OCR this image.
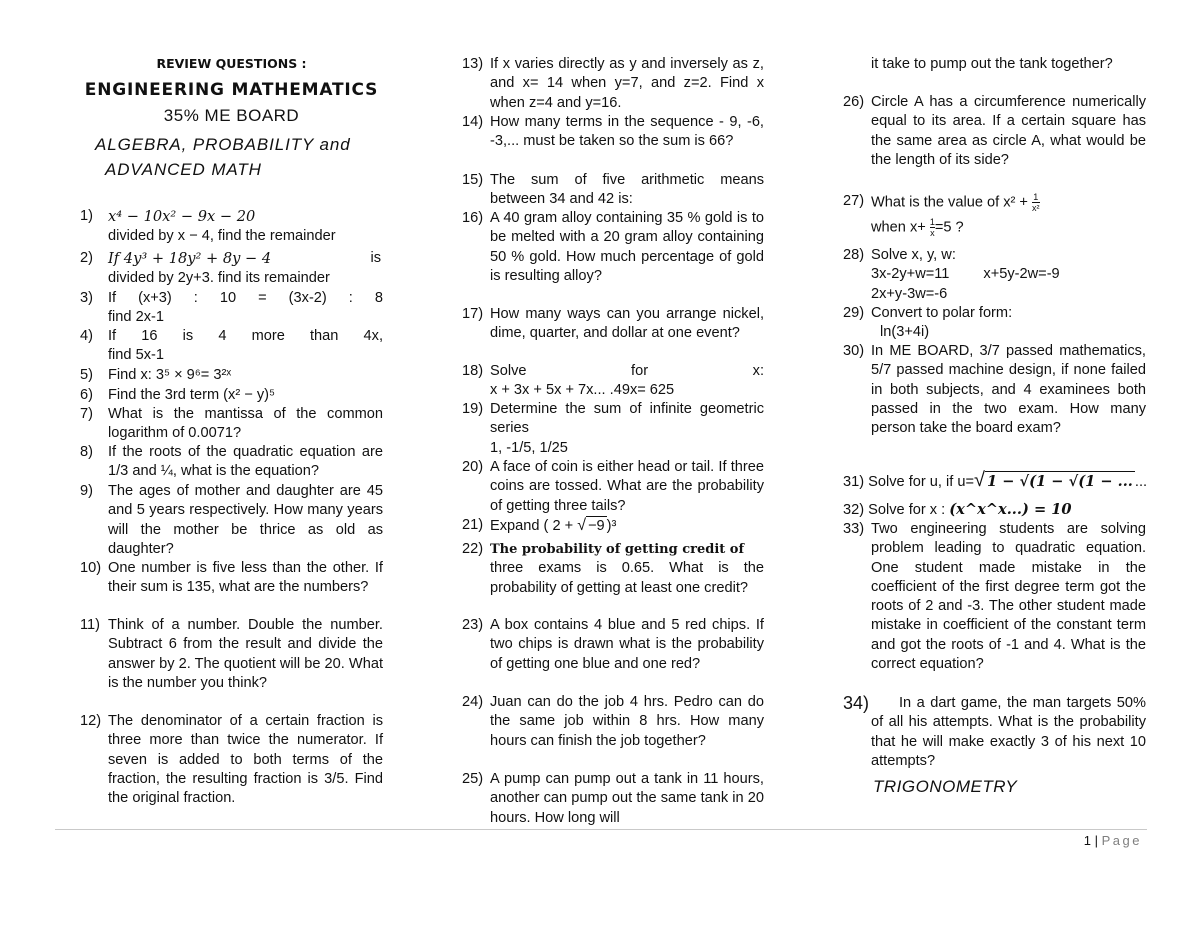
REVIEW QUESTIONS :
ENGINEERING MATHEMATICS
35% ME BOARD
ALGEBRA, PROBABILITY and
ADVANCED MATH
1) x⁴ − 10x² − 9x − 20
divided by x − 4, find the remainder
2) If 4y³ + 18y² + 8y − 4	is

divided by 2y+3. find its remainder
3) If (x+3) : 10 = (3x-2) : 8
find 2x-1
4) If 16 is 4 more than 4x,
find 5x-1
5) Find x: 3⁵ × 9⁶= 3²ˣ
6) Find the 3rd term (x² − y)⁵
7) What is the mantissa of the common logarithm of 0.0071?
8) If the roots of the quadratic equation are 1/3 and ¼, what is the equation?
9) The ages of mother and daughter are 45 and 5 years respectively. How many years will the mother be thrice as old as daughter?
10) One number is five less than the other. If their sum is 135, what are the numbers?
11) Think of a number. Double the number. Subtract 6 from the result and divide the answer by 2. The quotient will be 20. What is the number you think?
12) The denominator of a certain fraction is three more than twice the numerator. If seven is added to both terms of the fraction, the resulting fraction is 3/5. Find the original fraction.
13) If x varies directly as y and inversely as z, and x= 14 when y=7, and z=2. Find x when z=4 and y=16.
14) How many terms in the sequence - 9, -6, -3,... must be taken so the sum is 66?
15) The sum of five arithmetic means between 34 and 42 is:
16) A 40 gram alloy containing 35 % gold is to be melted with a 20 gram alloy containing 50 % gold. How much percentage of gold is resulting alloy?
17) How many ways can you arrange nickel, dime, quarter, and dollar at one event?
18) Solve for x:
x + 3x + 5x + 7x... .49x= 625
19) Determine the sum of infinite geometric series
1, -1/5, 1/25
20) A face of coin is either head or tail. If three coins are tossed. What are the probability of getting three tails?
21) Expand ( 2 + √ −9 )³
22) The probability of getting credit of
three exams is 0.65. What is the probability of getting at least one credit?
23) A box contains 4 blue and 5 red chips. If two chips is drawn what is the probability of getting one blue and one red?
24) Juan can do the job 4 hrs. Pedro can do the same job within 8 hrs. How many hours can finish the job together?
25) A pump can pump out a tank in 11 hours, another can pump out the same tank in 20 hours. How long will
it take to pump out the tank together?
26) Circle A has a circumference numerically equal to its area. If a certain square has the same area as circle A, what would be the length of its side?
27) What is the value of $x^2 + \frac{1}{\text{x²}}$
when $x+ \frac{1}{x} =5$ ?
28) Solve x, y, w:
3x-2y+w=11 x+5y-2w=-9
2x+y-3w=-6
29) Convert to polar form:
ln(3+4i)
30) In ME BOARD, 3/7 passed mathematics, 5/7 passed machine design, if none failed in both subjects, and 4 examinees both passed in the two exam. How many person take the board exam?
31) Solve for u, if u=√ 1 − √(1 − √(1 − ... ...
32) Solve for x : (x^x^x...) = 10
33) Two engineering students are solving problem leading to quadratic equation. One student made mistake in the coefficient of the first degree term got the roots of 2 and -3. The other student made mistake in coefficient of the constant term and got the roots of -1 and 4. What is the correct equation?
34)	In a dart game, the man targets 50% of all his attempts. What is the probability that he will make exactly 3 of his next 10 attempts?
TRIGONOMETRY
1 | Page
